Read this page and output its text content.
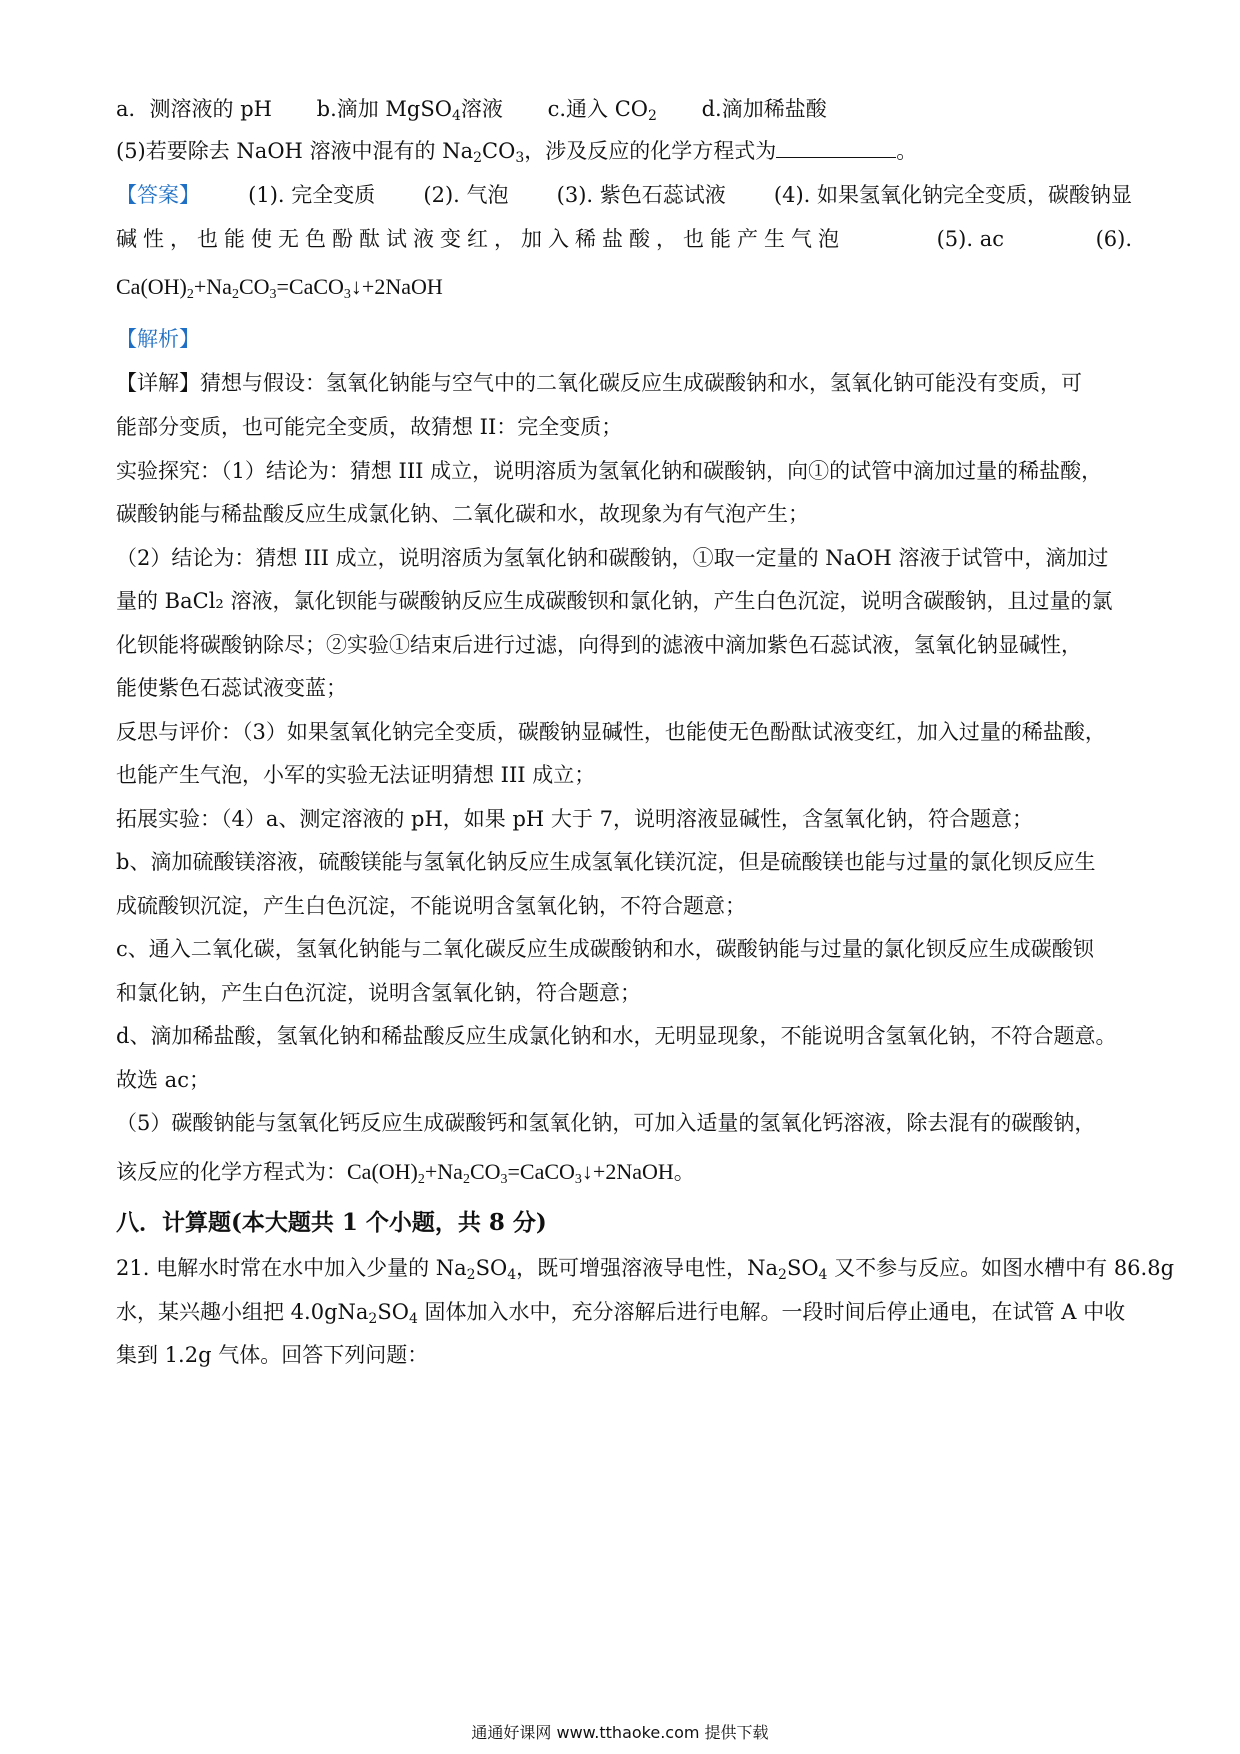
a．测溶液的 pH b.滴加 MgSO$_4$溶液 c.通入 $CO_2$ d.滴加稀盐酸
(5)若要除去 NaOH 溶液中混有的 $Na_2CO_3$，涉及反应的化学方程式为	。
【答案】 (1). 完全变质 (2). 气泡 (3). 紫色石蕊试液 (4). 如果氢氧化钠完全变质，碳酸钠显
碱性，也能使无色酚酞试液变红，加入稀盐酸，也能产生气泡	(5). ac	(6).
$Ca(OH)_2+Na_2CO_3=CaCO_3↓+2NaOH$
【解析】
【详解】猜想与假设：氢氧化钠能与空气中的二氧化碳反应生成碳酸钠和水，氢氧化钠可能没有变质，可
能部分变质，也可能完全变质，故猜想 II：完全变质；
实验探究：（1）结论为：猜想 III 成立，说明溶质为氢氧化钠和碳酸钠，向①的试管中滴加过量的稀盐酸，
碳酸钠能与稀盐酸反应生成氯化钠、二氧化碳和水，故现象为有气泡产生；
（2）结论为：猜想 III 成立，说明溶质为氢氧化钠和碳酸钠，①取一定量的 NaOH 溶液于试管中，滴加过
量的 BaCl₂ 溶液，氯化钡能与碳酸钠反应生成碳酸钡和氯化钠，产生白色沉淀，说明含碳酸钠，且过量的氯
化钡能将碳酸钠除尽；②实验①结束后进行过滤，向得到的滤液中滴加紫色石蕊试液，氢氧化钠显碱性，
能使紫色石蕊试液变蓝；
反思与评价：（3）如果氢氧化钠完全变质，碳酸钠显碱性，也能使无色酚酞试液变红，加入过量的稀盐酸，
也能产生气泡，小军的实验无法证明猜想 III 成立；
拓展实验：（4）a、测定溶液的 pH，如果 pH 大于 7，说明溶液显碱性，含氢氧化钠，符合题意；
b、滴加硫酸镁溶液，硫酸镁能与氢氧化钠反应生成氢氧化镁沉淀，但是硫酸镁也能与过量的氯化钡反应生
成硫酸钡沉淀，产生白色沉淀，不能说明含氢氧化钠，不符合题意；
c、通入二氧化碳，氢氧化钠能与二氧化碳反应生成碳酸钠和水，碳酸钠能与过量的氯化钡反应生成碳酸钡
和氯化钠，产生白色沉淀，说明含氢氧化钠，符合题意；
d、滴加稀盐酸，氢氧化钠和稀盐酸反应生成氯化钠和水，无明显现象，不能说明含氢氧化钠，不符合题意。
故选 ac；
（5）碳酸钠能与氢氧化钙反应生成碳酸钙和氢氧化钠，可加入适量的氢氧化钙溶液，除去混有的碳酸钠，
该反应的化学方程式为：$Ca(OH)_2+Na_2CO_3=CaCO_3↓+2NaOH$。
八．计算题(本大题共 1 个小题，共 8 分)
21. 电解水时常在水中加入少量的 $Na_2SO_4$，既可增强溶液导电性，$Na_2SO_4$ 又不参与反应。如图水槽中有 86.8g
水，某兴趣小组把 $4.0gNa_2SO_4$ 固体加入水中，充分溶解后进行电解。一段时间后停止通电，在试管 A 中收
集到 1.2g 气体。回答下列问题：
通通好课网 www.tthaoke.com 提供下载
